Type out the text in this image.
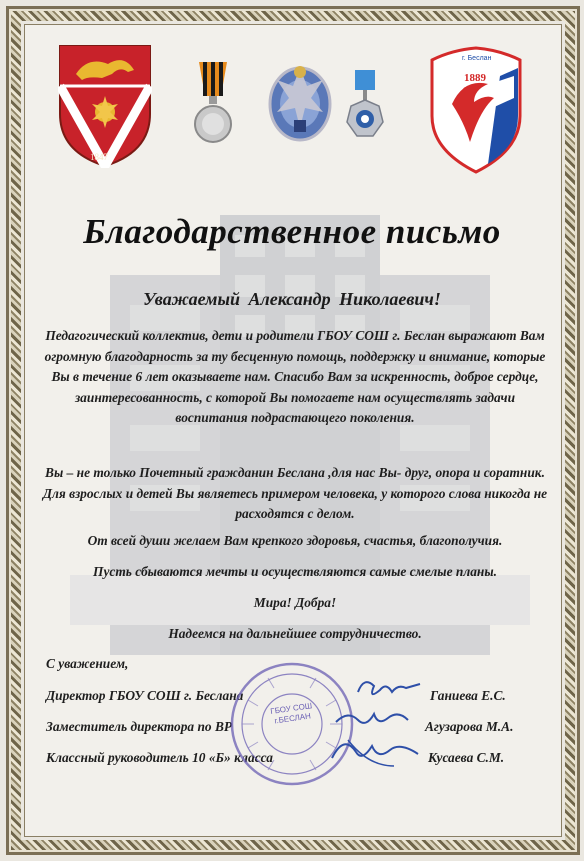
1847
г. Беслан
1889
Благодарственное письмо
Уважаемый Александр Николаевич!
Педагогический коллектив, дети и родители ГБОУ СОШ г. Беслан выражают Вам огромную благодарность за ту бесценную помощь, поддержку и внимание, которые Вы в течение 6 лет оказываете нам. Спасибо Вам за искренность, доброе сердце, заинтересованность, с которой Вы помогаете нам осуществлять задачи воспитания подрастающего поколения.
Вы – не только Почетный гражданин Беслана ,для нас Вы- друг, опора и соратник. Для взрослых и детей Вы являетесь примером человека, у которого слова никогда не расходятся с делом.
От всей души желаем Вам крепкого здоровья, счастья, благополучия.
Пусть сбываются мечты и осуществляются самые смелые планы.
Мира! Добра!
Надеемся на дальнейшее сотрудничество.
С уважением,
Директор ГБОУ СОШ г. Беслана	Ганиева Е.С.
Заместитель директора по ВР	Агузарова М.А.
Классный руководитель 10 «Б» класса	Кусаева С.М.
ГБОУ СОШ г.БЕСЛАН
